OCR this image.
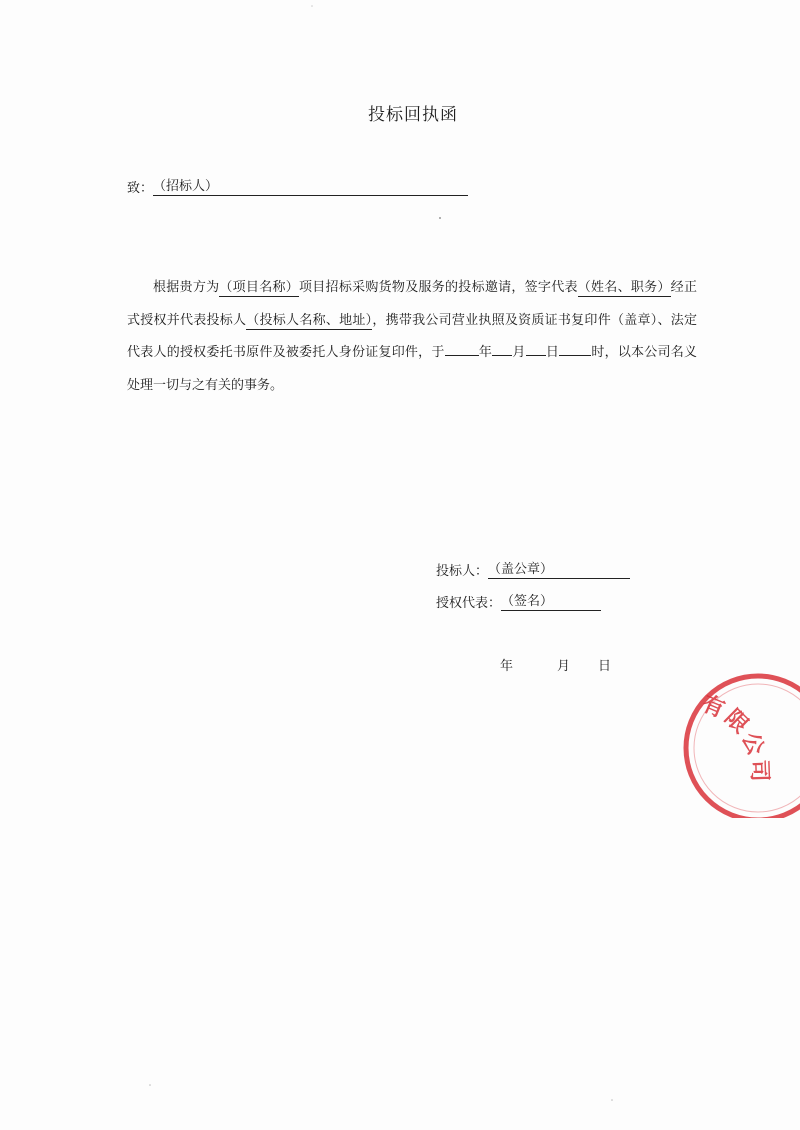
投标回执函
致：（招标人）
根据贵方为（项目名称）项目招标采购货物及服务的投标邀请，签字代表（姓名、职务）经正式授权并代表投标人（投标人名称、地址），携带我公司营业执照及资质证书复印件（盖章）、法定代表人的授权委托书原件及被委托人身份证复印件，于	年 月 日 时，以本公司名义处理一切与之有关的事务。
投标人：（盖公章）
授权代表：（签名）
年	月 日
有限公司
